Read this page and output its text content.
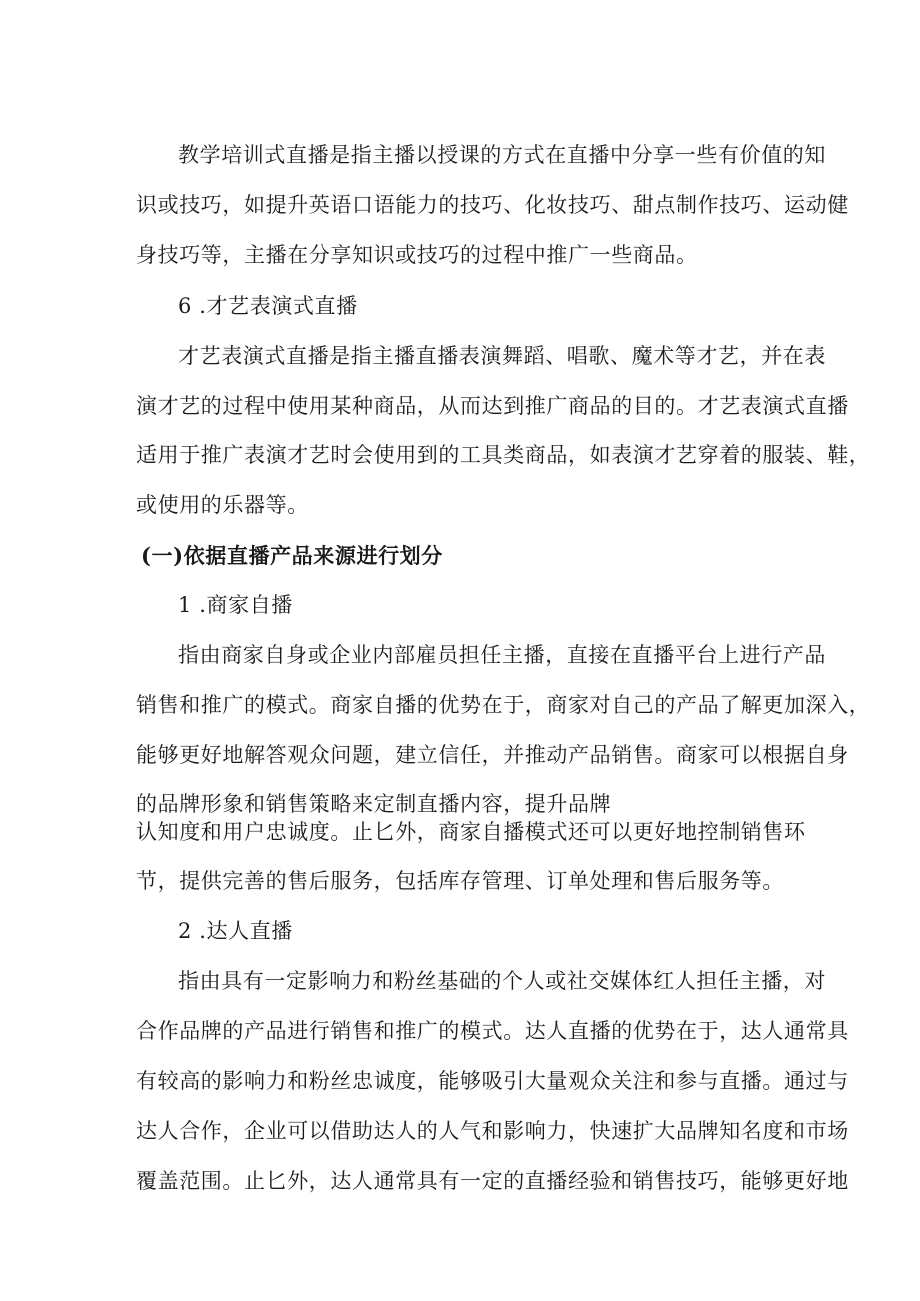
教学培训式直播是指主播以授课的方式在直播中分享一些有价值的知
识或技巧，如提升英语口语能力的技巧、化妆技巧、甜点制作技巧、运动健
身技巧等，主播在分享知识或技巧的过程中推广一些商品。
6 .才艺表演式直播
才艺表演式直播是指主播直播表演舞蹈、唱歌、魔术等才艺，并在表
演才艺的过程中使用某种商品，从而达到推广商品的目的。才艺表演式直播
适用于推广表演才艺时会使用到的工具类商品，如表演才艺穿着的服装、鞋，
或使用的乐器等。
(一)依据直播产品来源进行划分
1 .商家自播
指由商家自身或企业内部雇员担任主播，直接在直播平台上进行产品
销售和推广的模式。商家自播的优势在于，商家对自己的产品了解更加深入，
能够更好地解答观众问题，建立信任，并推动产品销售。商家可以根据自身
的品牌形象和销售策略来定制直播内容，提升品牌
认知度和用户忠诚度。止匕外，商家自播模式还可以更好地控制销售环
节，提供完善的售后服务，包括库存管理、订单处理和售后服务等。
2 .达人直播
指由具有一定影响力和粉丝基础的个人或社交媒体红人担任主播，对
合作品牌的产品进行销售和推广的模式。达人直播的优势在于，达人通常具
有较高的影响力和粉丝忠诚度，能够吸引大量观众关注和参与直播。通过与
达人合作，企业可以借助达人的人气和影响力，快速扩大品牌知名度和市场
覆盖范围。止匕外，达人通常具有一定的直播经验和销售技巧，能够更好地
